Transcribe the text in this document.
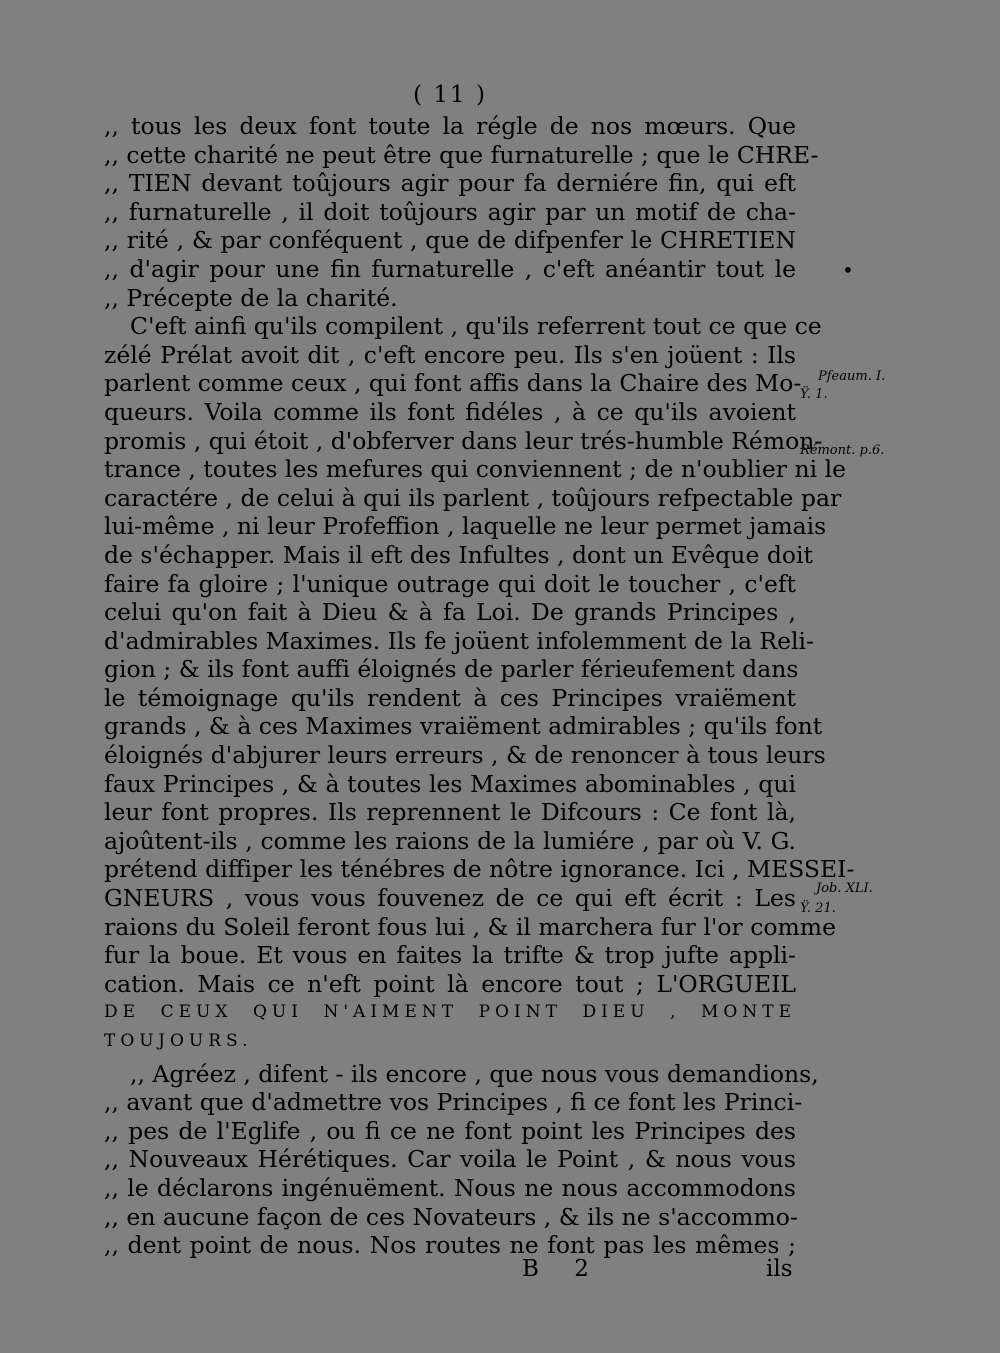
( 11 )
,, tous les deux font toute la régle de nos mœurs. Que
,, cette charité ne peut être que furnaturelle ; que le CHRE-
,, TIEN devant toûjours agir pour fa derniére fin, qui eft
,, furnaturelle , il doit toûjours agir par un motif de cha-
,, rité , & par conféquent , que de difpenfer le CHRETIEN
,, d'agir pour une fin furnaturelle , c'eft anéantir tout le
,, Précepte de la charité.
C'eft ainfi qu'ils compilent , qu'ils referrent tout ce que ce
zélé Prélat avoit dit , c'eft encore peu. Ils s'en joüent : Ils
parlent comme ceux , qui font affis dans la Chaire des Mo-
queurs. Voila comme ils font fidéles , à ce qu'ils avoient
promis , qui étoit , d'obferver dans leur trés-humble Rémon-
trance , toutes les mefures qui conviennent ; de n'oublier ni le
caractére , de celui à qui ils parlent , toûjours refpectable par
lui-même , ni leur Profeffion , laquelle ne leur permet jamais
de s'échapper. Mais il eft des Infultes , dont un Evêque doit
faire fa gloire ; l'unique outrage qui doit le toucher , c'eft
celui qu'on fait à Dieu & à fa Loi. De grands Principes ,
d'admirables Maximes. Ils fe joüent infolemment de la Reli-
gion ; & ils font auffi éloignés de parler férieufement dans
le témoignage qu'ils rendent à ces Principes vraiëment
grands , & à ces Maximes vraiëment admirables ; qu'ils font
éloignés d'abjurer leurs erreurs , & de renoncer à tous leurs
faux Principes , & à toutes les Maximes abominables , qui
leur font propres. Ils reprennent le Difcours : Ce font là,
ajoûtent-ils , comme les raions de la lumiére , par où V. G.
prétend diffiper les ténébres de nôtre ignorance. Ici , MESSEI-
GNEURS , vous vous fouvenez de ce qui eft écrit : Les
raions du Soleil feront fous lui , & il marchera fur l'or comme
fur la boue. Et vous en faites la trifte & trop jufte appli-
cation. Mais ce n'eft point là encore tout ; L'ORGUEIL
DE CEUX QUI N'AIMENT POINT DIEU , MONTE
TOUJOURS.
,, Agréez , difent - ils encore , que nous vous demandions,
,, avant que d'admettre vos Principes , fi ce font les Princi-
,, pes de l'Eglife , ou fi ce ne font point les Principes des
,, Nouveaux Hérétiques. Car voila le Point , & nous vous
,, le déclarons ingénuëment. Nous ne nous accommodons
,, en aucune façon de ces Novateurs , & ils ne s'accommo-
,, dent point de nous. Nos routes ne font pas les mêmes ;
•
Pfeaum. I.
Ÿ. 1.
Rémont. p.6.
Job. XLI.
Ÿ. 21.
B 2	ils
